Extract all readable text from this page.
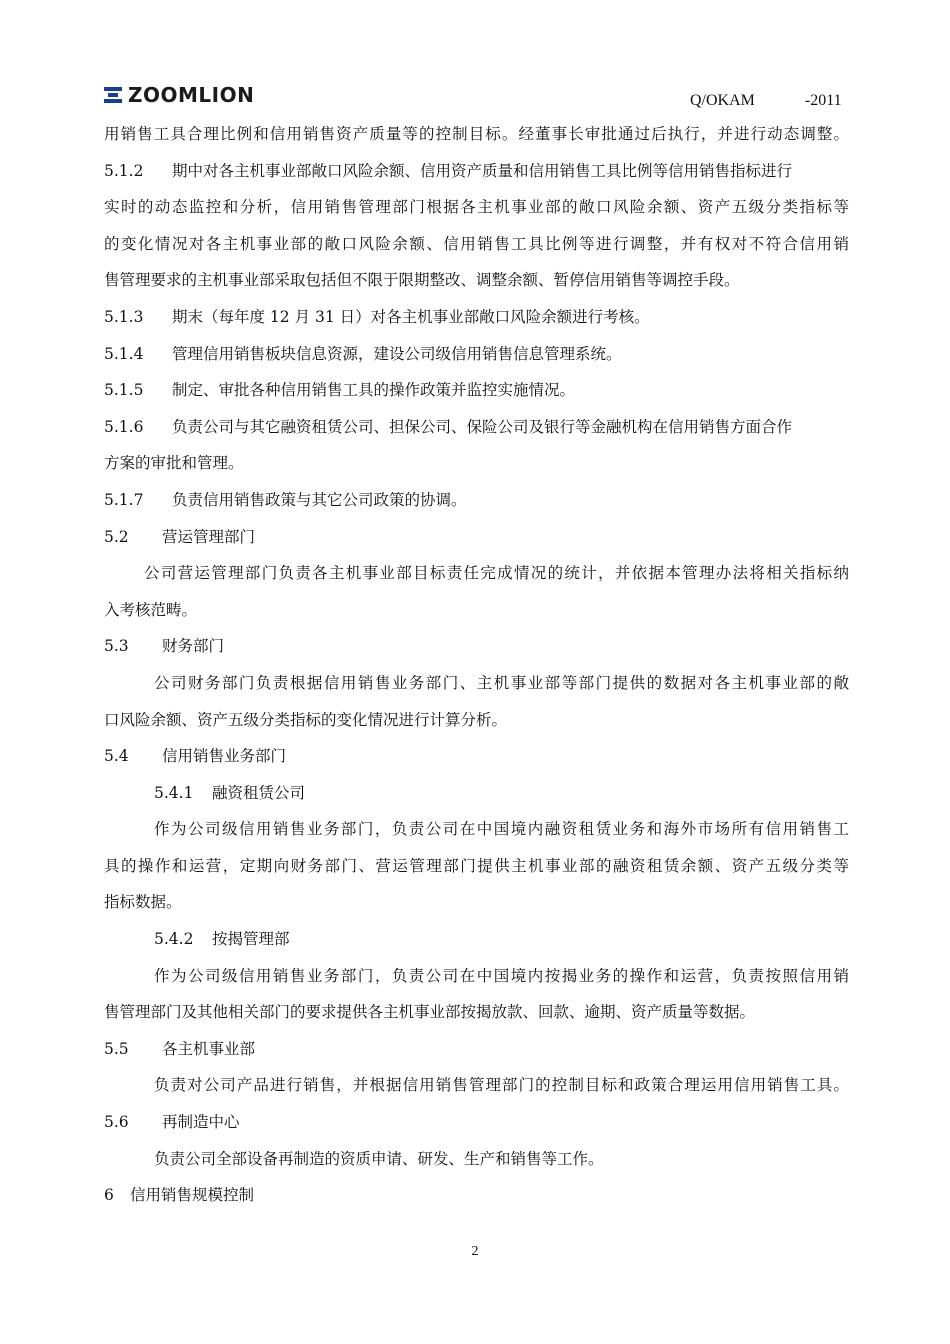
ZOOMLION	Q/OKAM	-2011
用销售工具合理比例和信用销售资产质量等的控制目标。经董事长审批通过后执行，并进行动态调整。
5.1.2 期中对各主机事业部敞口风险余额、信用资产质量和信用销售工具比例等信用销售指标进行
实时的动态监控和分析，信用销售管理部门根据各主机事业部的敞口风险余额、资产五级分类指标等
的变化情况对各主机事业部的敞口风险余额、信用销售工具比例等进行调整，并有权对不符合信用销
售管理要求的主机事业部采取包括但不限于限期整改、调整余额、暂停信用销售等调控手段。
5.1.3 期末（每年度 12 月 31 日）对各主机事业部敞口风险余额进行考核。
5.1.4 管理信用销售板块信息资源，建设公司级信用销售信息管理系统。
5.1.5 制定、审批各种信用销售工具的操作政策并监控实施情况。
5.1.6 负责公司与其它融资租赁公司、担保公司、保险公司及银行等金融机构在信用销售方面合作
方案的审批和管理。
5.1.7 负责信用销售政策与其它公司政策的协调。
5.2 营运管理部门
公司营运管理部门负责各主机事业部目标责任完成情况的统计，并依据本管理办法将相关指标纳
入考核范畴。
5.3 财务部门
公司财务部门负责根据信用销售业务部门、主机事业部等部门提供的数据对各主机事业部的敞
口风险余额、资产五级分类指标的变化情况进行计算分析。
5.4 信用销售业务部门
5.4.1 融资租赁公司
作为公司级信用销售业务部门，负责公司在中国境内融资租赁业务和海外市场所有信用销售工
具的操作和运营，定期向财务部门、营运管理部门提供主机事业部的融资租赁余额、资产五级分类等
指标数据。
5.4.2 按揭管理部
作为公司级信用销售业务部门，负责公司在中国境内按揭业务的操作和运营，负责按照信用销
售管理部门及其他相关部门的要求提供各主机事业部按揭放款、回款、逾期、资产质量等数据。
5.5 各主机事业部
负责对公司产品进行销售，并根据信用销售管理部门的控制目标和政策合理运用信用销售工具。
5.6 再制造中心
负责公司全部设备再制造的资质申请、研发、生产和销售等工作。
6 信用销售规模控制
2
